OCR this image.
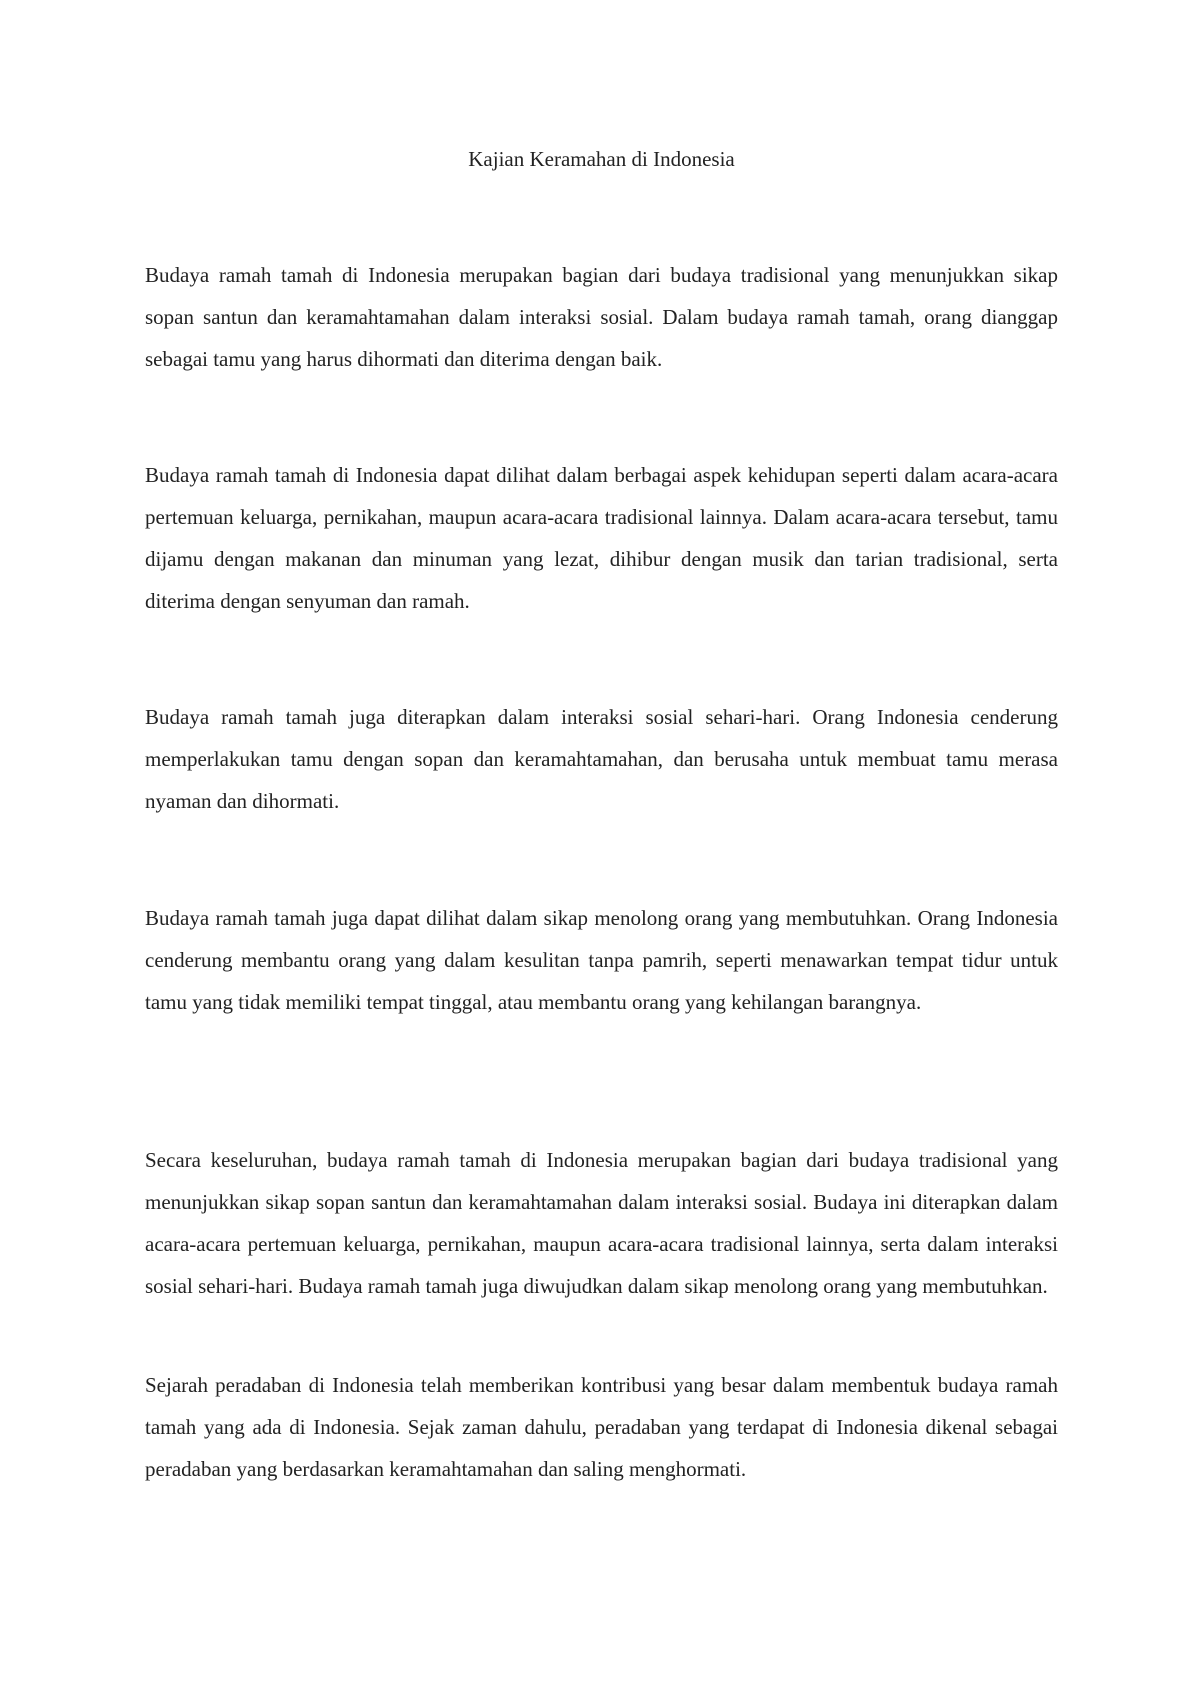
Kajian Keramahan di Indonesia

Budaya ramah tamah di Indonesia merupakan bagian dari budaya tradisional yang menunjukkan sikap sopan santun dan keramahtamahan dalam interaksi sosial. Dalam budaya ramah tamah, orang dianggap sebagai tamu yang harus dihormati dan diterima dengan baik.

Budaya ramah tamah di Indonesia dapat dilihat dalam berbagai aspek kehidupan seperti dalam acara-acara pertemuan keluarga, pernikahan, maupun acara-acara tradisional lainnya. Dalam acara-acara tersebut, tamu dijamu dengan makanan dan minuman yang lezat, dihibur dengan musik dan tarian tradisional, serta diterima dengan senyuman dan ramah.

Budaya ramah tamah juga diterapkan dalam interaksi sosial sehari-hari. Orang Indonesia cenderung memperlakukan tamu dengan sopan dan keramahtamahan, dan berusaha untuk membuat tamu merasa nyaman dan dihormati.

Budaya ramah tamah juga dapat dilihat dalam sikap menolong orang yang membutuhkan. Orang Indonesia cenderung membantu orang yang dalam kesulitan tanpa pamrih, seperti menawarkan tempat tidur untuk tamu yang tidak memiliki tempat tinggal, atau membantu orang yang kehilangan barangnya.

Secara keseluruhan, budaya ramah tamah di Indonesia merupakan bagian dari budaya tradisional yang menunjukkan sikap sopan santun dan keramahtamahan dalam interaksi sosial. Budaya ini diterapkan dalam acara-acara pertemuan keluarga, pernikahan, maupun acara-acara tradisional lainnya, serta dalam interaksi sosial sehari-hari. Budaya ramah tamah juga diwujudkan dalam sikap menolong orang yang membutuhkan.

Sejarah peradaban di Indonesia telah memberikan kontribusi yang besar dalam membentuk budaya ramah tamah yang ada di Indonesia. Sejak zaman dahulu, peradaban yang terdapat di Indonesia dikenal sebagai peradaban yang berdasarkan keramahtamahan dan saling menghormati.
